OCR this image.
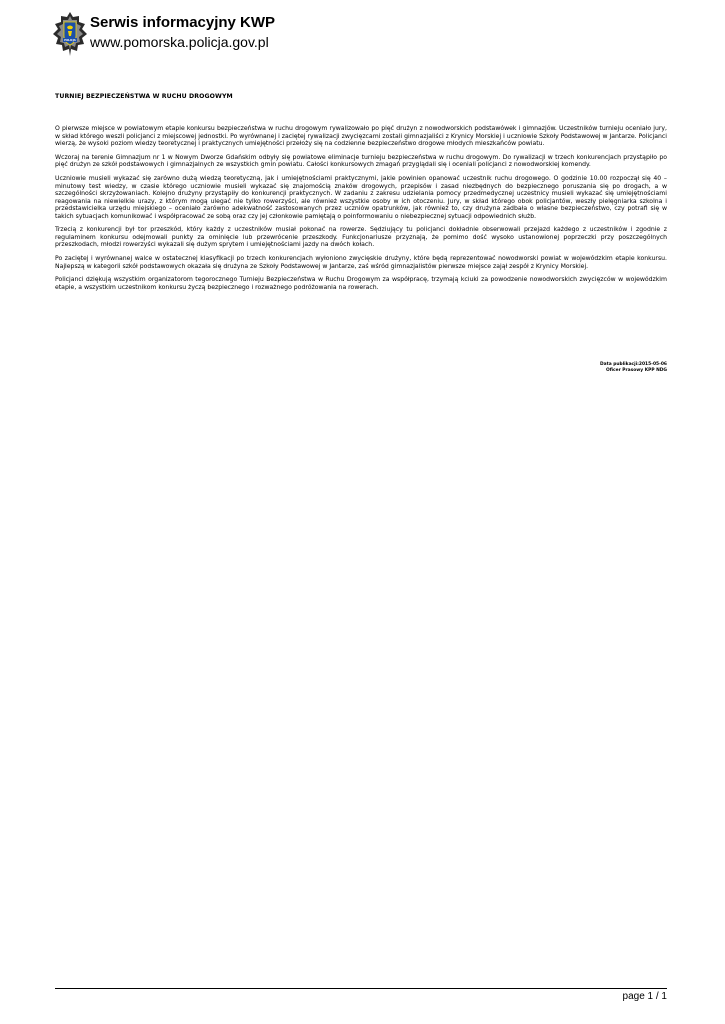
POLICJA
Serwis informacyjny KWP
www.pomorska.policja.gov.pl
TURNIEJ BEZPIECZEŃSTWA W RUCHU DROGOWYM

O pierwsze miejsce w powiatowym etapie konkursu bezpieczeństwa w ruchu drogowym rywalizowało po pięć drużyn z nowodworskich podstawówek i gimnazjów. Uczestników turnieju oceniało jury, w skład którego weszli policjanci z miejscowej jednostki. Po wyrównanej i zaciętej rywalizacji zwycięzcami zostali gimnazjaliści z Krynicy Morskiej i uczniowie Szkoły Podstawowej w Jantarze. Policjanci wierzą, że wysoki poziom wiedzy teoretycznej i praktycznych umiejętności przełoży się na codzienne bezpieczeństwo drogowe młodych mieszkańców powiatu.

Wczoraj na terenie Gimnazjum nr 1 w Nowym Dworze Gdańskim odbyły się powiatowe eliminacje turnieju bezpieczeństwa w ruchu drogowym. Do rywalizacji w trzech konkurencjach przystąpiło po pięć drużyn ze szkół podstawowych i gimnazjalnych ze wszystkich gmin powiatu. Całości konkursowych zmagań przyglądali się i oceniali policjanci z nowodworskiej komendy.

Uczniowie musieli wykazać się zarówno dużą wiedzą teoretyczną, jak i umiejętnościami praktycznymi, jakie powinien opanować uczestnik ruchu drogowego. O godzinie 10.00 rozpoczął się 40 – minutowy test wiedzy, w czasie którego uczniowie musieli wykazać się znajomością znaków drogowych, przepisów i zasad niezbędnych do bezpiecznego poruszania się po drogach, a w szczególności skrzyżowaniach. Kolejno drużyny przystąpiły do konkurencji praktycznych. W zadaniu z zakresu udzielania pomocy przedmedycznej uczestnicy musieli wykazać się umiejętnościami reagowania na niewielkie urazy, z którym mogą ulegać nie tylko rowerzyści, ale również wszystkie osoby w ich otoczeniu. Jury, w skład którego obok policjantów, weszły pielęgniarka szkolna i przedstawicielka urzędu miejskiego – oceniało zarówno adekwatność zastosowanych przez uczniów opatrunków, jak również to, czy drużyna zadbała o własne bezpieczeństwo, czy potrafi się w takich sytuacjach komunikować i współpracować ze sobą oraz czy jej członkowie pamiętają o poinformowaniu o niebezpiecznej sytuacji odpowiednich służb.

Trzecią z konkurencji był tor przeszkód, który każdy z uczestników musiał pokonać na rowerze. Sędziujący tu policjanci dokładnie obserwowali przejazd każdego z uczestników i zgodnie z regulaminem konkursu odejmowali punkty za ominięcie lub przewrócenie przeszkody. Funkcjonariusze przyznają, że pomimo dość wysoko ustanowionej poprzeczki przy poszczególnych przeszkodach, młodzi rowerzyści wykazali się dużym sprytem i umiejętnościami jazdy na dwóch kołach.

Po zaciętej i wyrównanej walce w ostatecznej klasyfikacji po trzech konkurencjach wyłoniono zwycięskie drużyny, które będą reprezentować nowodworski powiat w wojewódzkim etapie konkursu. Najlepszą w kategorii szkół podstawowych okazała się drużyna ze Szkoły Podstawowej w Jantarze, zaś wśród gimnazjalistów pierwsze miejsce zajął zespół z Krynicy Morskiej.

Policjanci dziękują wszystkim organizatorom tegorocznego Turnieju Bezpieczeństwa w Ruchu Drogowym za współpracę, trzymają kciuki za powodzenie nowodworskich zwycięzców w wojewódzkim etapie, a wszystkim uczestnikom konkursu życzą bezpiecznego i rozważnego podróżowania na rowerach.

Data publikacji:2015-05-06
Oficer Prasowy KPP NDG
page 1 / 1
